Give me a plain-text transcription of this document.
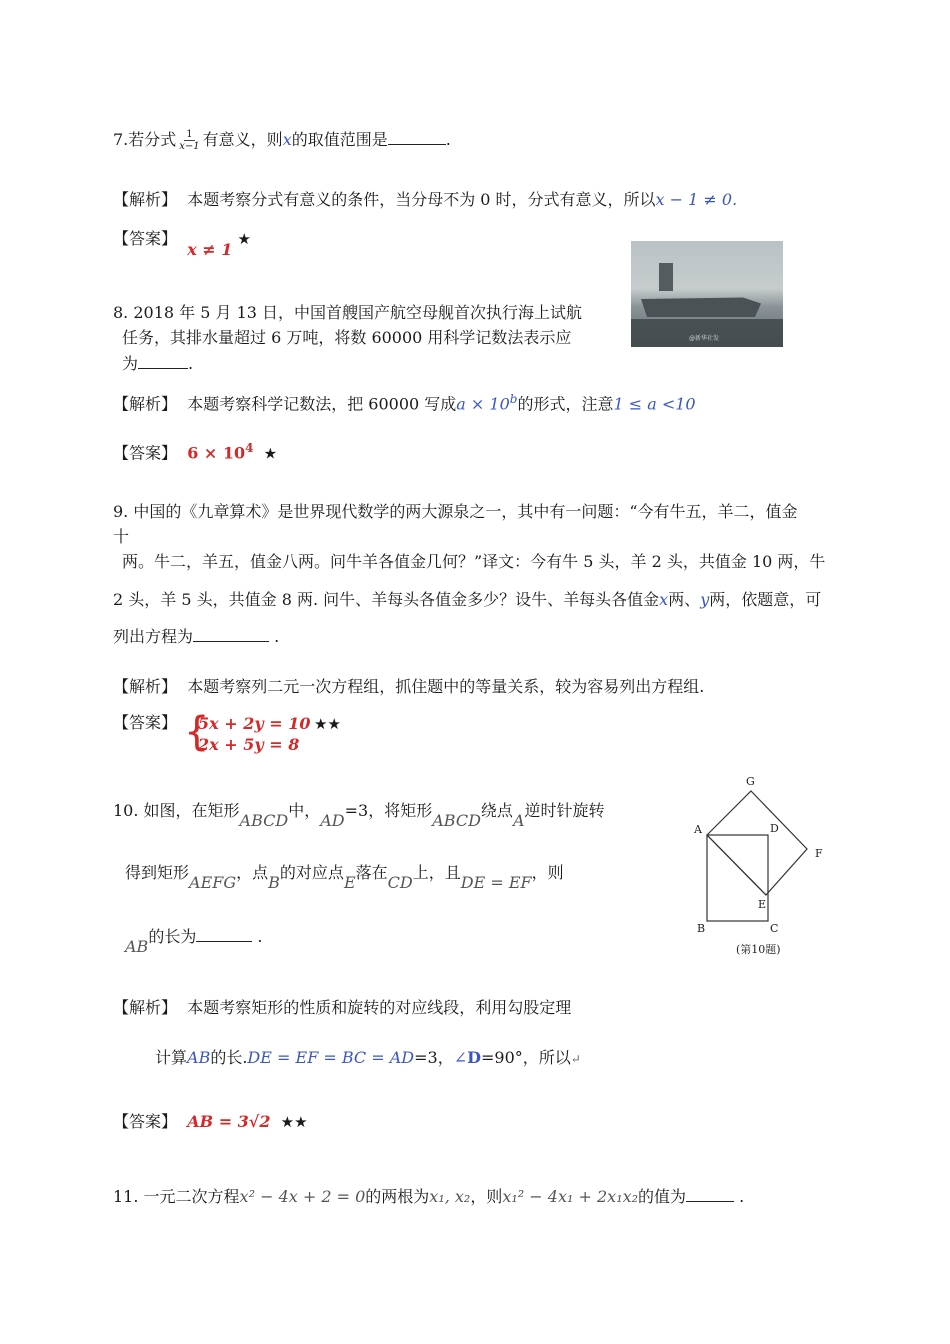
7.若分式 $\frac{1}{x-1}$ 有意义，则x的取值范围是	.
【解析】 本题考察分式有意义的条件，当分母不为 0 时，分式有意义，所以x − 1 ≠ 0.
【答案】  x ≠ 1 ★
8. 2018 年 5 月 13 日，中国首艘国产航空母舰首次执行海上试航
任务，其排水量超过 6 万吨，将数 60000 用科学记数法表示应
为	.
@新华社发
【解析】 本题考察科学记数法，把 60000 写成$a \times 10^b$的形式，注意1 ≤ a <10
【答案】 $6 \times 10^4$ ★
9. 中国的《九章算术》是世界现代数学的两大源泉之一，其中有一问题：“今有牛五，羊二，值金
十
两。牛二，羊五，值金八两。问牛羊各值金几何？”译文：今有牛 5 头，羊 2 头，共值金 10 两，牛
2 头，羊 5 头，共值金 8 两. 问牛、羊每头各值金多少？设牛、羊每头各值金x两、y两，依题意，可
列出方程为	.
【解析】 本题考察列二元一次方程组，抓住题中的等量关系，较为容易列出方程组.
【答案】 {
5x + 2y = 10
2x + 5y = 8
★★
10. 如图，在矩形ABCD中，AD=3，将矩形ABCD绕点A逆时针旋转
得到矩形AEFG，点B的对应点E落在CD上，且DE = EF，则
AB的长为	.
G
A	D
F
E
B	C
(第10题)
【解析】 本题考察矩形的性质和旋转的对应线段，利用勾股定理
计算AB的长.DE = EF = BC = AD=3，∠D=90°，所以↵
【答案】 AB = 3√2 ★★
11. 一元二次方程x² − 4x + 2 = 0的两根为x₁, x₂，则x₁² − 4x₁ + 2x₁x₂的值为	.
